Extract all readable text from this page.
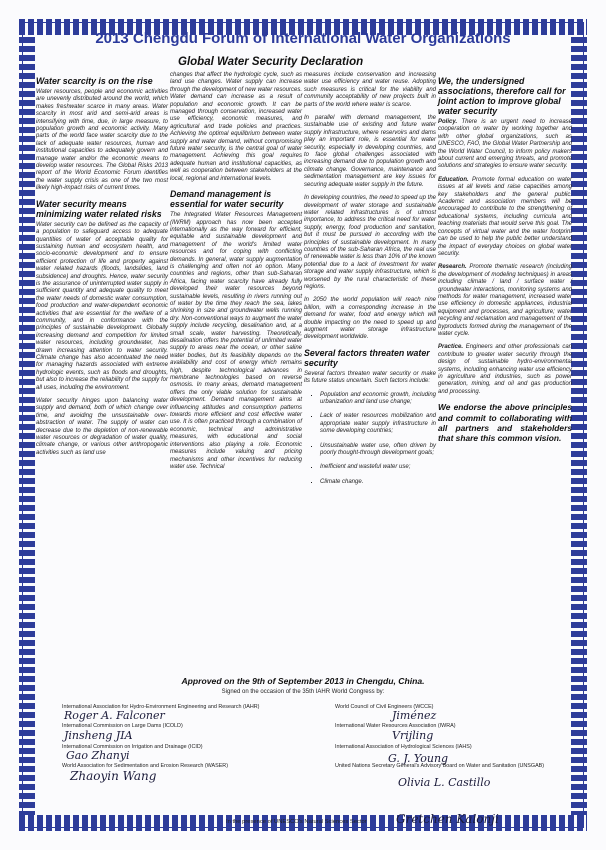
2013 Chengdu Forum of International Water Organizations
Global Water Security Declaration
Water scarcity is on the rise

Water resources, people and economic activities are unevenly distributed around the world, which makes freshwater scarce in many areas. Water scarcity in most arid and semi-arid areas is intensifying with time, due, in large measure, to population growth and economic activity. Many parts of the world face water scarcity due to the lack of adequate water resources, human and institutional capacities to adequately govern and manage water and/or the economic means to develop water resources. The Global Risks 2013 report of the World Economic Forum identifies the water supply crisis as one of the two most likely high-impact risks of current times.

Water security means minimizing water related risks

Water security can be defined as the capacity of a population to safeguard access to adequate quantities of water of acceptable quality for sustaining human and ecosystem health, and socio-economic development and to ensure efficient protection of life and property against water related hazards (floods, landslides, land subsidence) and droughts. Hence, water security is the assurance of uninterrupted water supply in sufficient quantity and adequate quality to meet the water needs of domestic water consumption, food production and water-dependent economic activities that are essential for the welfare of a community, and in conformance with the principles of sustainable development. Globally increasing demand and competition for limited water resources, including groundwater, has drawn increasing attention to water security. Climate change has also accentuated the need for managing hazards associated with extreme hydrologic events, such as floods and droughts, but also to increase the reliability of the supply for all uses, including the environment.

Water security hinges upon balancing water supply and demand, both of which change over time, and avoiding the unsustainable over-abstraction of water. The supply of water can decrease due to the depletion of non-renewable water resources or degradation of water quality, climate change, or various other anthropogenic activities such as land use

changes that affect the hydrologic cycle, such as land use changes. Water supply can increase through the development of new water resources. Water demand can increase as a result of population and economic growth. It can be managed through conservation, increased water use efficiency, economic measures, and agricultural and trade policies and practices. Achieving the optimal equilibrium between water supply and water demand, without compromising future water security, is the central goal of water management. Achieving this goal requires adequate human and institutional capacities, as well as cooperation between stakeholders at the local, regional and international levels.

Demand management is essential for water security

The Integrated Water Resources Management (IWRM) approach has now been accepted internationally as the way forward for efficient, equitable and sustainable development and management of the world's limited water resources and for coping with conflicting demands. In general, water supply augmentation is challenging and often not an option. Many countries and regions, other than sub-Saharan Africa, facing water scarcity have already fully developed their water resources beyond sustainable levels, resulting in rivers running out of water by the time they reach the sea, lakes shrinking in size and groundwater wells running dry. Non-conventional ways to augment the water supply include recycling, desalination and, at a small scale, water harvesting. Theoretically, desalination offers the potential of unlimited water supply to areas near the ocean, or other saline water bodies, but its feasibility depends on the availability and cost of energy which remains high, despite technological advances in membrane technologies based on reverse osmosis. In many areas, demand management offers the only viable solution for sustainable development. Demand management aims at influencing attitudes and consumption patterns towards more efficient and cost effective water use. It is often practiced through a combination of economic, technical and administrative measures, with educational and social interventions also playing a role. Economic measures include valuing and pricing mechanisms and other incentives for reducing water use. Technical

measures include conservation and increasing water use efficiency and water reuse. Adopting such measures is critical for the viability and community acceptability of new projects built in parts of the world where water is scarce.

In parallel with demand management, the sustainable use of existing and future water supply infrastructure, where reservoirs and dams play an important role, is essential for water security, especially in developing countries, and to face global challenges associated with increasing demand due to population growth and climate change. Governance, maintenance and sedimentation management are key issues for securing adequate water supply in the future.

In developing countries, the need to speed up the development of water storage and sustainable water related infrastructures is of utmost importance, to address the critical need for water supply, energy, food production and sanitation, but it must be pursued in according with the principles of sustainable development. In many countries of the sub-Saharan Africa, the real use of renewable water is less than 10% of the known potential due to a lack of investment for water storage and water supply infrastructure, which is worsened by the rural characteristic of these regions.

In 2050 the world population will reach nine billion, with a corresponding increase in the demand for water, food and energy which will double impacting on the need to speed up and augment water storage infrastructure development worldwide.

Several factors threaten water security

Several factors threaten water security or make its future status uncertain. Such factors include:

▪ Population and economic growth, including urbanization and land use change;
▪ Lack of water resources mobilization and appropriate water supply infrastructure in some developing countries;
▪ Unsustainable water use, often driven by poorly thought-through development goals;
▪ Inefficient and wasteful water use;
▪ Climate change.
We, the undersigned associations, therefore call for joint action to improve global water security

Policy. There is an urgent need to increase cooperation on water by working together and with other global organizations, such as UNESCO, FAO, the Global Water Partnership and the World Water Council, to inform policy makers about current and emerging threats, and promote solutions and strategies to ensure water security.

Education. Promote formal education on water issues at all levels and raise capacities among key stakeholders and the general public. Academic and association members will be encouraged to contribute to the strengthening of educational systems, including curricula and teaching materials that would serve this goal. The concepts of virtual water and the water footprint can be used to help the public better understand the impact of everyday choices on global water security.

Research. Promote thematic research (including the development of modeling techniques) in areas including climate / land / surface water / groundwater interactions, monitoring systems and methods for water management, increased water use efficiency in domestic appliances, industrial equipment and processes, and agriculture; water recycling and reclamation and management of the byproducts formed during the management of the water cycle.

Practice. Engineers and other professionals can contribute to greater water security through the design of sustainable hydro-environmental systems, including enhancing water use efficiency in agriculture and industries, such as power generation, mining, and oil and gas production and processing.

We endorse the above principles and commit to collaborating with all partners and stakeholders that share this common vision.

Approved on the 9th of September 2013 in Chengdu, China.
Signed on the occasion of the 35th IAHR World Congress by:
International Association for Hydro-Environment Engineering and Research (IAHR)
Roger A. Falconer
International Commission on Large Dams (ICOLD)
Jinsheng JIA
International Commission on Irrigation and Drainage (ICID)
Gao Zhanyi
World Association for Sedimentation and Erosion Research (WASER)
Zhaoyin Wang
World Council of Civil Engineers (WCCE)
Jiménez
International Water Resources Association (IWRA)
Vrijling
International Association of Hydrological Sciences (IAHS)
G. J. Young
United Nations Secretary General's Advisory Board on Water and Sanitation (UNSGAB)
Olivia L. Castillo
In the presence of UNESCO's Natural Sciences Sector Gretchen Kalonji
